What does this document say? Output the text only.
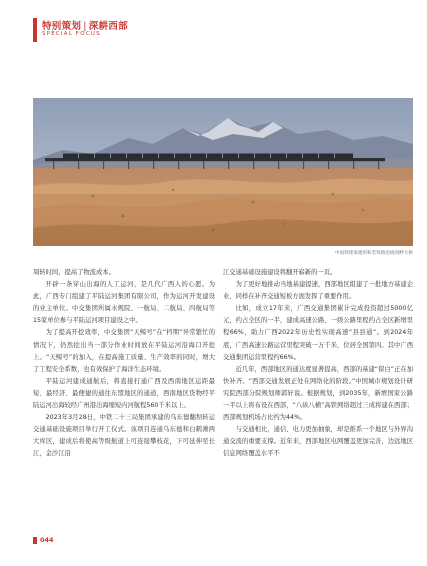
特别策划 | 深耕西部
SPECIAL FOCUS
中国铁建承建的和若铁路沿线河畔大桥

周转时间，提高了物流成本。

开辟一条穿山出海的人工运河，是几代广西人的心愿。为此，广西专门组建了平陆运河集团有限公司，作为运河开发建设的业主单位。中交集团所属水规院、一航局、二航局、四航局等15家单位参与平陆运河项目建设之中。

为了提高开挖效率，中交集团“天鲸号”在“档期”异常繁忙的情况下，仍然挖出当一部分作业时间放在平陆运河沿海口开挖上。“天鲸号”的加入，在提高施工质量、生产效率的同时，增大了工程安全系数，也有效保护了海洋生态环境。

平陆运河建成通航后，将直接打通广西及西南地区运距最短、最经济、最便捷的通往东盟地区的通道，西南地区货物经平陆运河出海较经广州港出海缩短内河航程560千米以上。

2023年3月28日，中铁二十三局集团承建的乌东德翻坝转运交通基础设施项目举行开工仪式。该项目连通乌东德和白鹤滩两大库区，建成后将使高等级航道上可连接攀枝花，下可延伸至长江，金沙江沿

江交通基础设施建设将翻开崭新的一页。

为了更好地推动当地基建提速，西部地区组建了一批地方基建企业，同样在补齐交通短板方面发挥了重要作用。

比如，成立17年来，广西交通集团累计完成投资超过5000亿元，约占全区的一半，建成高速公路、一级公路里程约占全区新增里程66%，助力广西2022年历史性实现高速“县县通”。到2024年底，广西高速公路运营里程突破一万千米，位居全国第四。其中广西交通集团运营里程约66%。

近几年，西部地区的通达度显著提高，西部的基建“留白”正在加快补齐。“西部交通发展正处在网络化的阶段。”中国城市规划设计研究院西部分院规划师郭轩说。根据规划，到2035年，新增国家公路一半以上将布设在西部，“八纵八横”高铁网络超过三成将建在西部；西部规划机场占比约为44%。

与交通相比，通信、电力更加抽象，却是推系一个地区与外界沟通交流的重要支撑。近年来，西部地区电网覆盖更加完善，边远地区信息网络覆盖水平不

044
